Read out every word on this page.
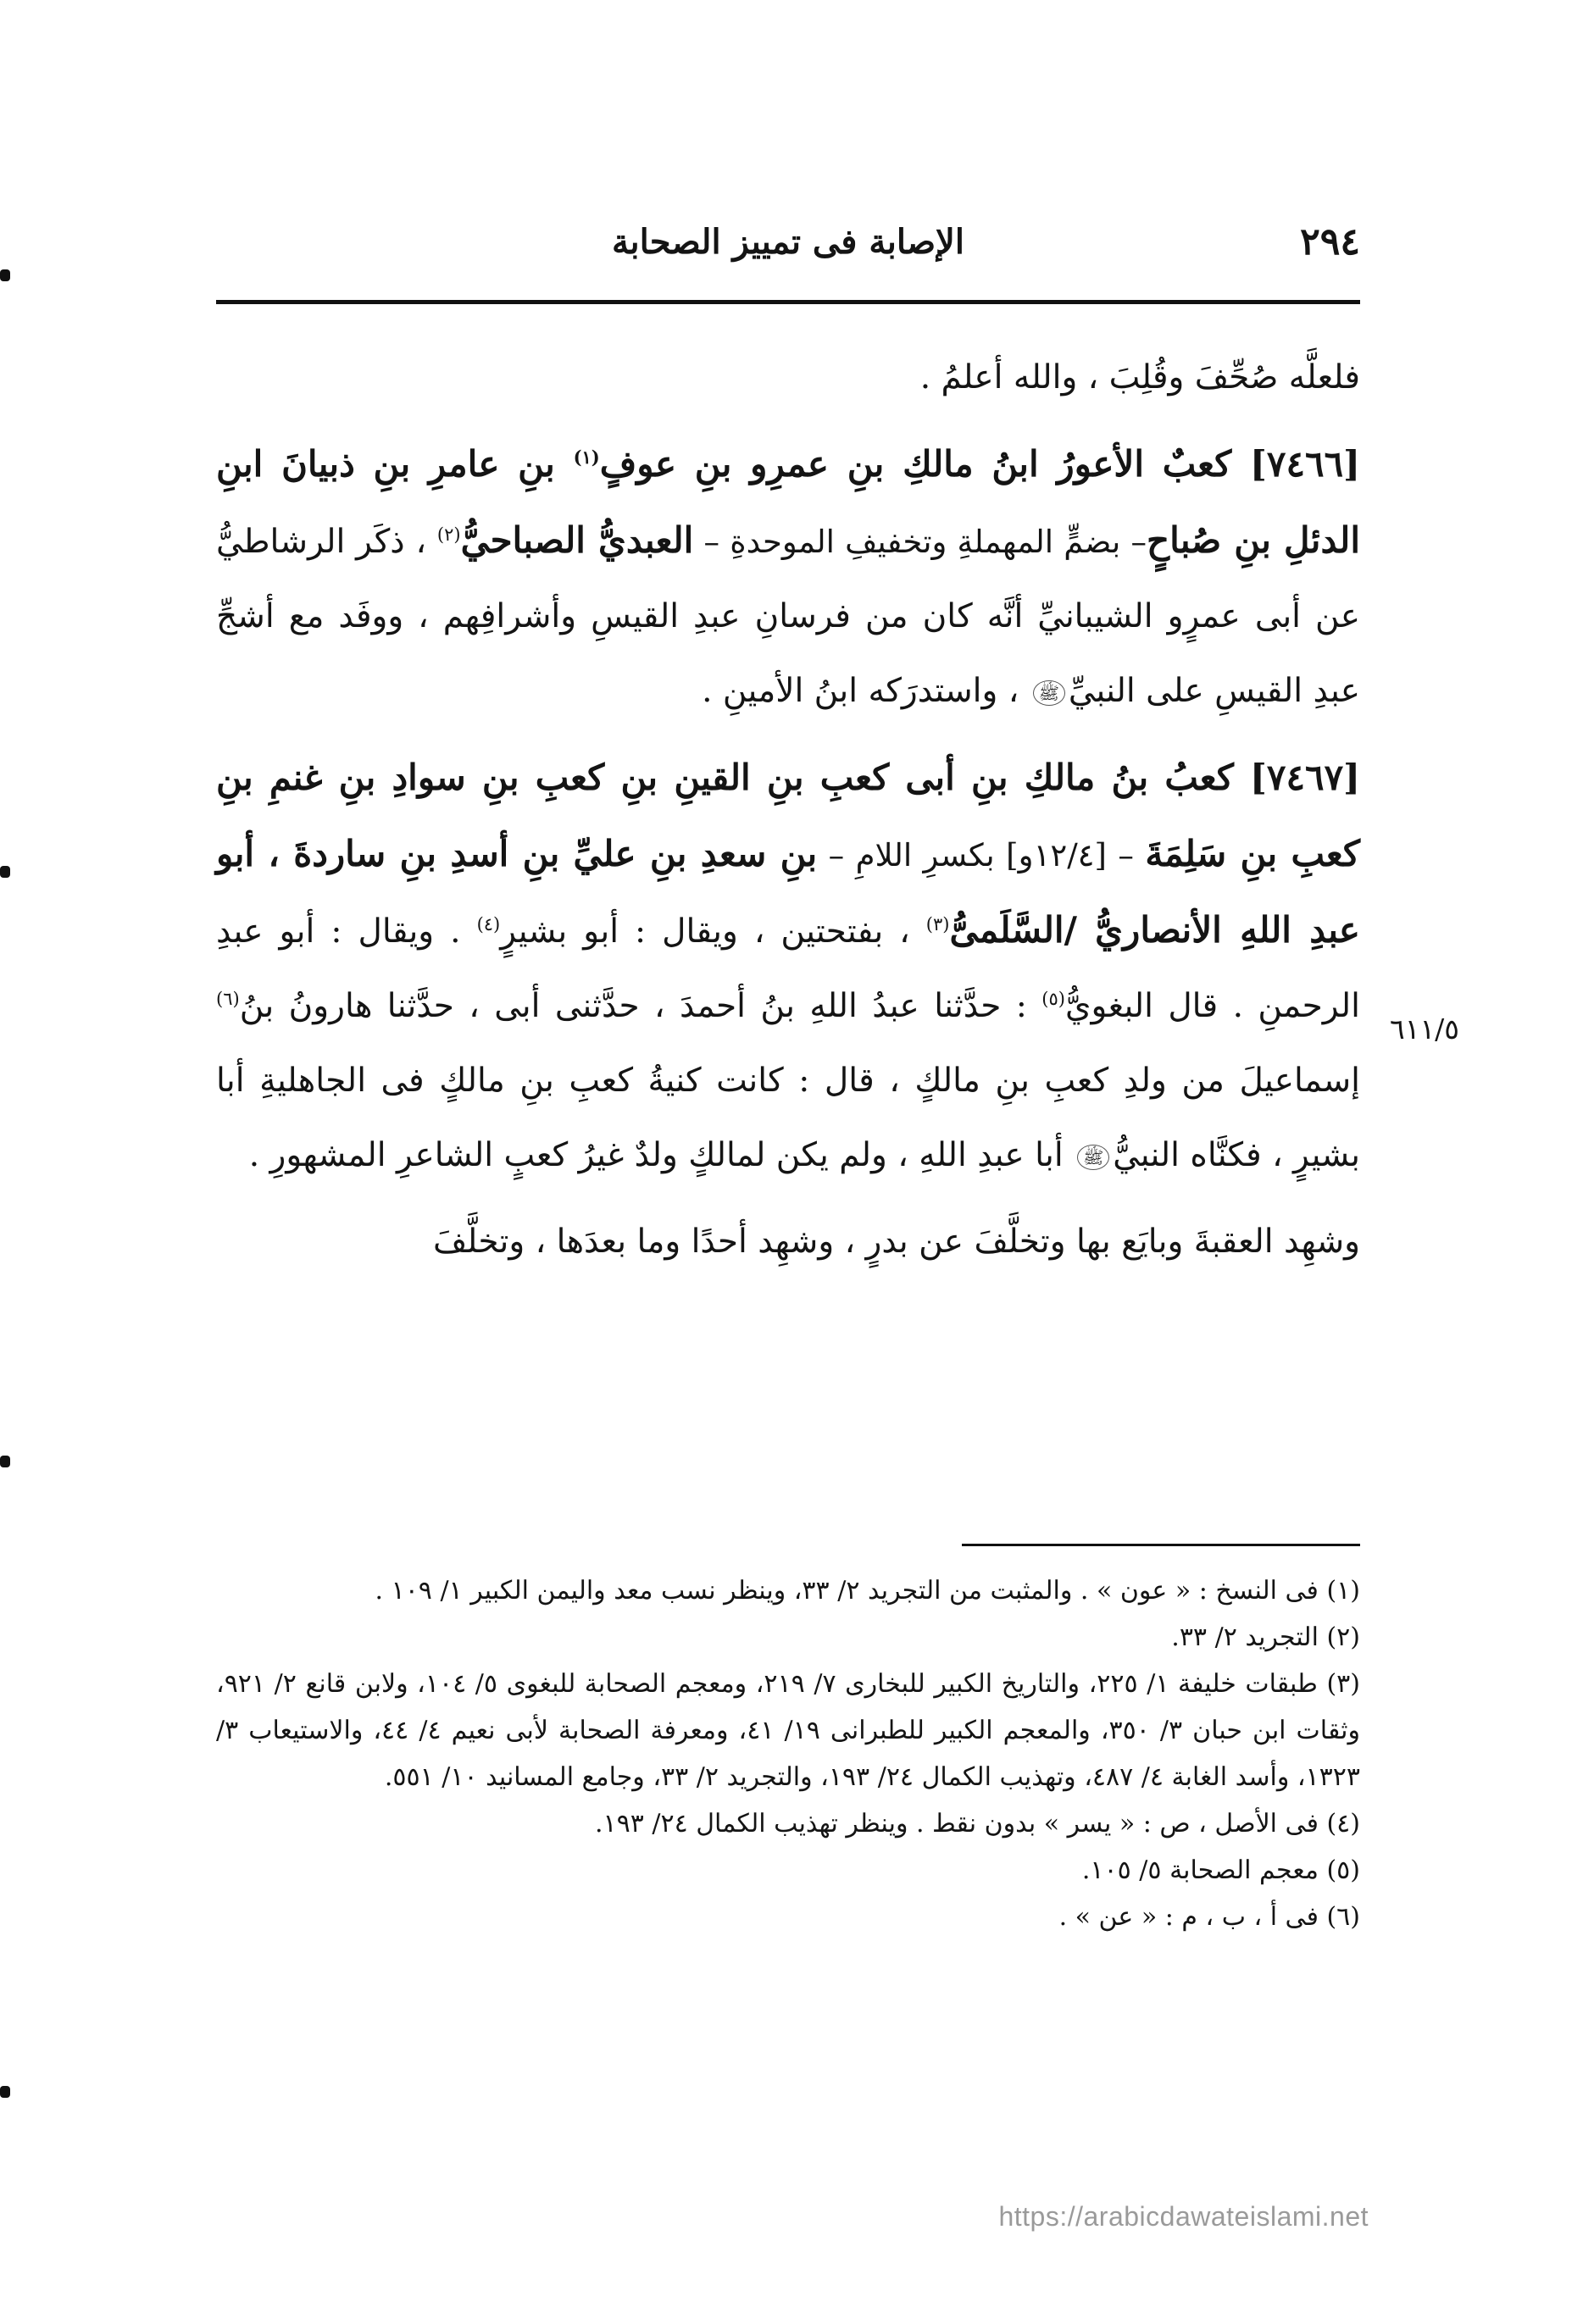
٢٩٤
الإصابة فى تمييز الصحابة

فلعلَّه صُحِّفَ وقُلِبَ ، والله أعلمُ .

[٧٤٦٦] كعبٌ الأعورُ ابنُ مالكِ بنِ عمرِو بنِ عوفٍ$^{(١)}$ بنِ عامرِ بنِ ذبيانَ ابنِ الدئلِ بنِ صُباحٍ– بضمٍّ المهملةِ وتخفيفِ الموحدةِ – العبديُّ الصباحيُّ$^{(٢)}$ ، ذكَر الرشاطيُّ عن أبى عمرٍو الشيبانيِّ أنَّه كان من فرسانِ عبدِ القيسِ وأشرافِهم ، ووفَد مع أشجِّ عبدِ القيسِ على النبيِّﷺ ، واستدرَكه ابنُ الأمينِ .

[٧٤٦٧] كعبُ بنُ مالكِ بنِ أبى كعبِ بنِ القينِ بنِ كعبِ بنِ سوادِ بنِ غنمِ بنِ كعبِ بنِ سَلِمَةَ – [١٢/٤و] بكسرِ اللامِ – بنِ سعدِ بنِ عليِّ بنِ أسدِ بنِ ساردةَ ، أبو عبدِ اللهِ الأنصاريُّ /السَّلَمىُّ$^{(٣)}$ ، بفتحتين ، ويقال : أبو بشيرٍ$^{(٤)}$ . ويقال : أبو عبدِ الرحمنِ . قال البغويُّ$^{(٥)}$ : حدَّثنا عبدُ اللهِ بنُ أحمدَ ، حدَّثنى أبى ، حدَّثنا هارونُ بنُ$^{(٦)}$ إسماعيلَ من ولدِ كعبِ بنِ مالكٍ ، قال : كانت كنيةُ كعبِ بنِ مالكٍ فى الجاهليةِ أبا بشيرٍ ، فكنَّاه النبيُّﷺ أبا عبدِ اللهِ ، ولم يكن لمالكٍ ولدٌ غيرُ كعبٍ الشاعرِ المشهورِ .

وشهِد العقبةَ وبايَع بها وتخلَّفَ عن بدرٍ ، وشهِد أحدًا وما بعدَها ، وتخلَّفَ

٦١١/٥

(١) فى النسخ : « عون » . والمثبت من التجريد ٢/ ٣٣، وينظر نسب معد واليمن الكبير ١/ ١٠٩ .

(٢) التجريد ٢/ ٣٣.

(٣) طبقات خليفة ١/ ٢٢٥، والتاريخ الكبير للبخارى ٧/ ٢١٩، ومعجم الصحابة للبغوى ٥/ ١٠٤، ولابن قانع ٢/ ٩٢١، وثقات ابن حبان ٣/ ٣٥٠، والمعجم الكبير للطبرانى ١٩/ ٤١، ومعرفة الصحابة لأبى نعيم ٤/ ٤٤، والاستيعاب ٣/ ١٣٢٣، وأسد الغابة ٤/ ٤٨٧، وتهذيب الكمال ٢٤/ ١٩٣، والتجريد ٢/ ٣٣، وجامع المسانيد ١٠/ ٥٥١.

(٤) فى الأصل ، ص : « يسر » بدون نقط . وينظر تهذيب الكمال ٢٤/ ١٩٣.

(٥) معجم الصحابة ٥/ ١٠٥.

(٦) فى أ ، ب ، م : « عن » .

https://arabicdawateislami.net
